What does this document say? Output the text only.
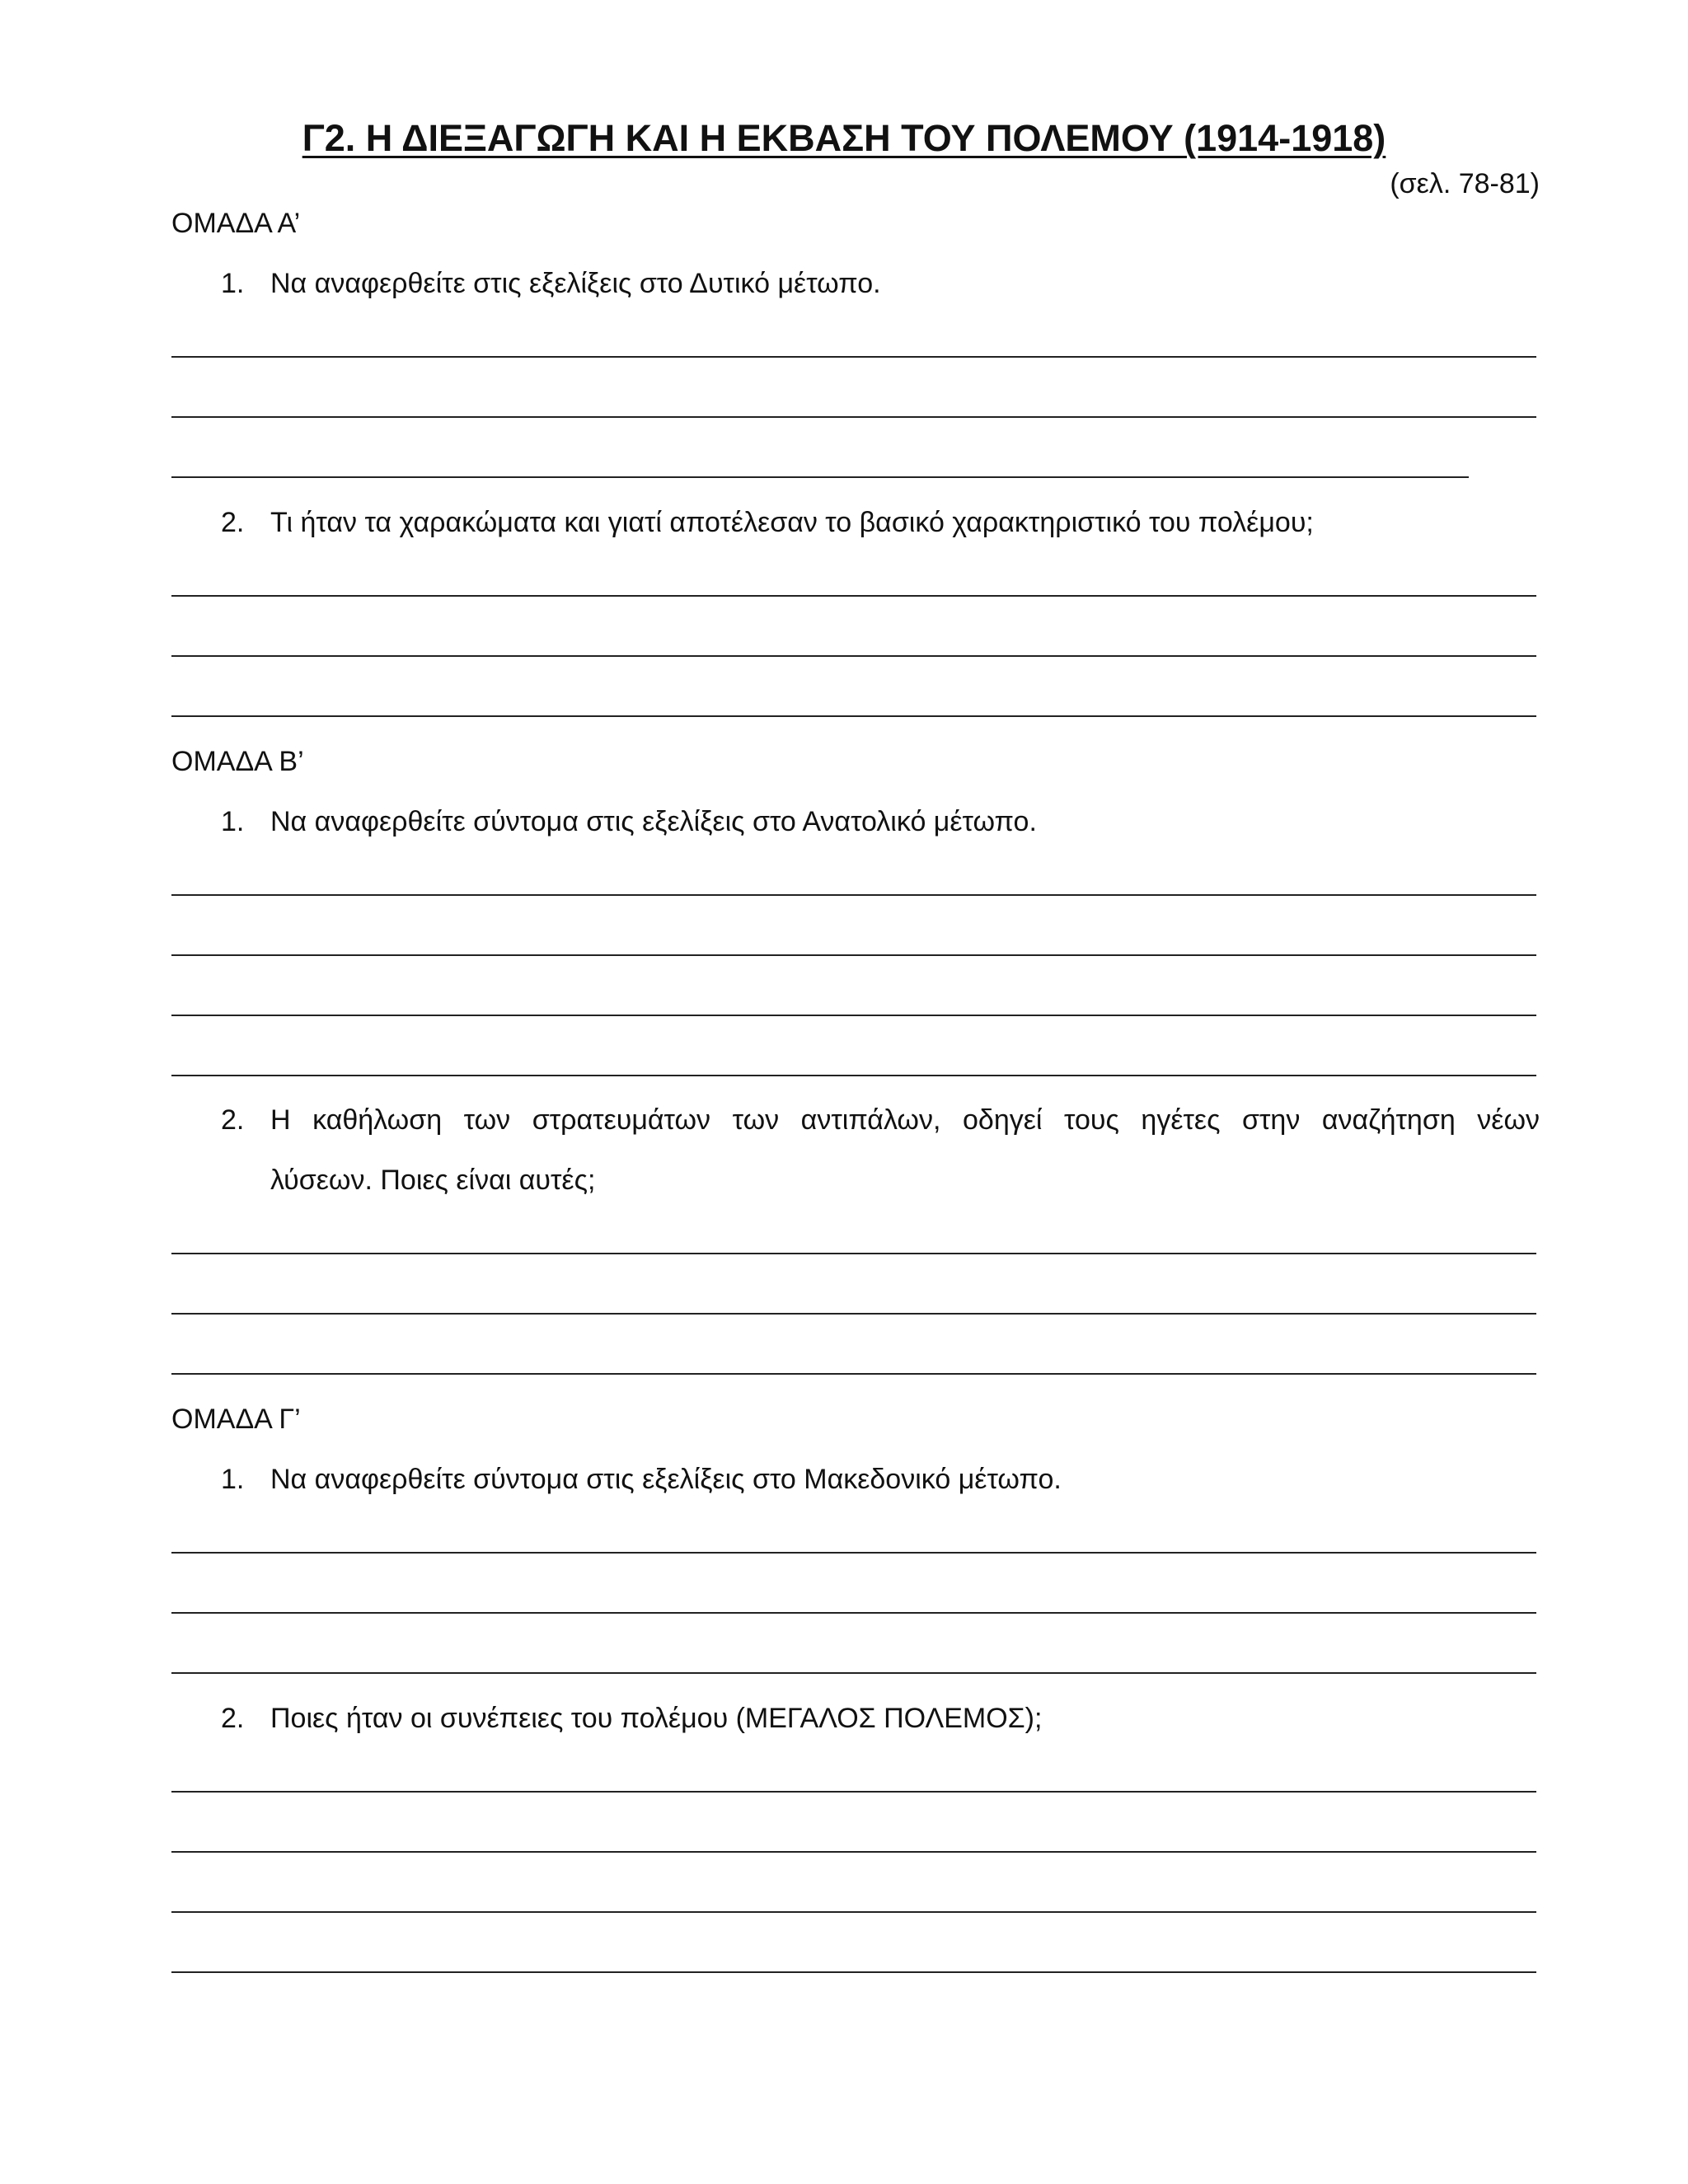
Γ2. Η ΔΙΕΞΑΓΩΓΗ ΚΑΙ Η ΕΚΒΑΣΗ ΤΟΥ ΠΟΛΕΜΟΥ (1914-1918)
(σελ. 78-81)
ΟΜΑΔΑ Α’
1. Να αναφερθείτε στις εξελίξεις στο Δυτικό μέτωπο.
2. Τι ήταν τα χαρακώματα και γιατί αποτέλεσαν το βασικό χαρακτηριστικό του πολέμου;
ΟΜΑΔΑ Β’
1. Να αναφερθείτε σύντομα στις εξελίξεις στο Ανατολικό μέτωπο.
2. Η καθήλωση των στρατευμάτων των αντιπάλων, οδηγεί τους ηγέτες στην αναζήτηση νέων
λύσεων. Ποιες είναι αυτές;
ΟΜΑΔΑ Γ’
1. Να αναφερθείτε σύντομα στις εξελίξεις στο Μακεδονικό μέτωπο.
2. Ποιες ήταν οι συνέπειες του πολέμου (ΜΕΓΑΛΟΣ ΠΟΛΕΜΟΣ);
